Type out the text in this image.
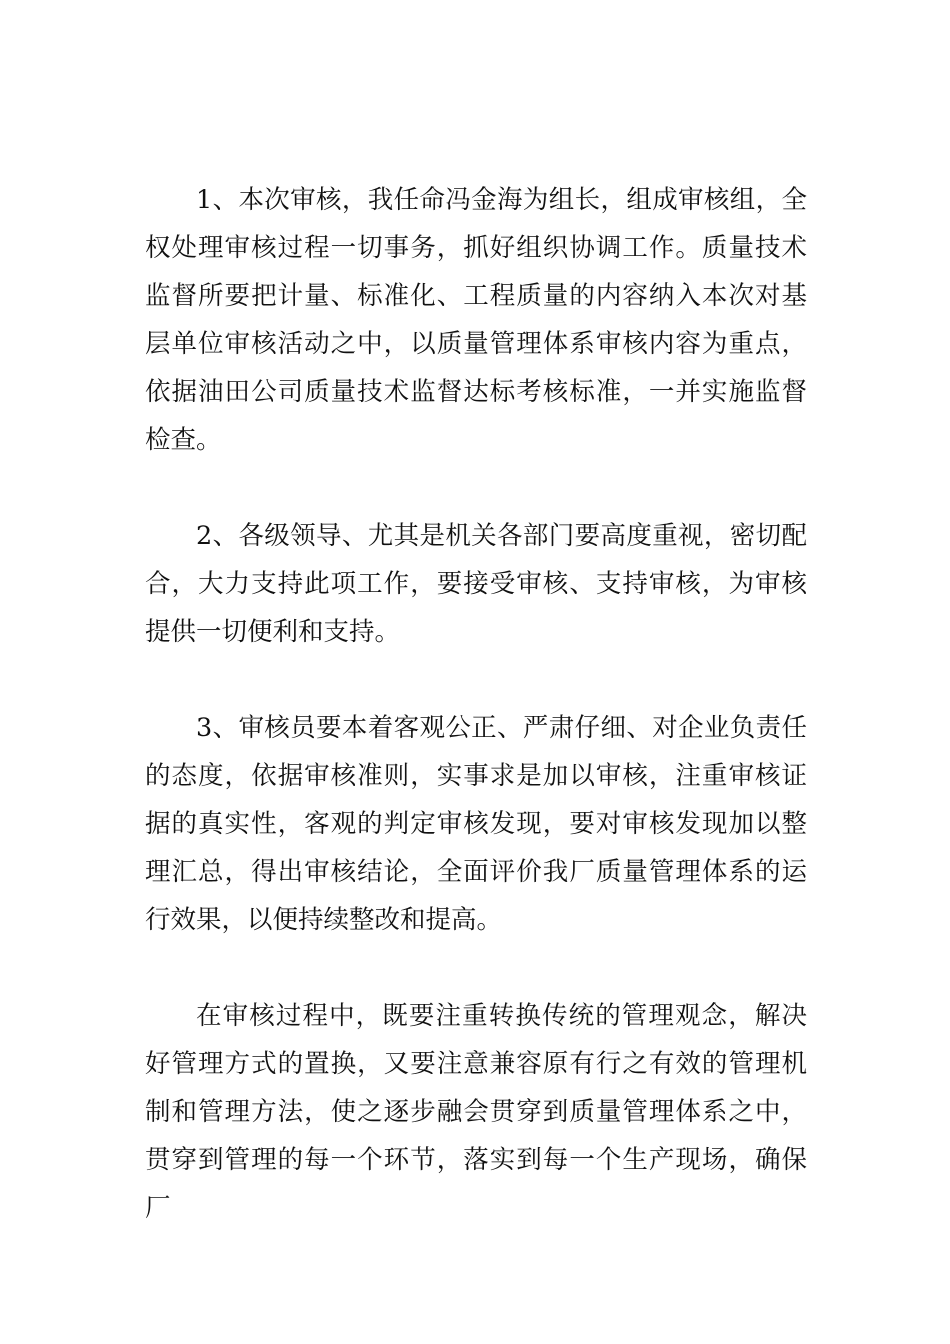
1、本次审核，我任命冯金海为组长，组成审核组，全权处理审核过程一切事务，抓好组织协调工作。质量技术监督所要把计量、标准化、工程质量的内容纳入本次对基层单位审核活动之中，以质量管理体系审核内容为重点，依据油田公司质量技术监督达标考核标准，一并实施监督检查。

2、各级领导、尤其是机关各部门要高度重视，密切配合，大力支持此项工作，要接受审核、支持审核，为审核提供一切便利和支持。

3、审核员要本着客观公正、严肃仔细、对企业负责任的态度，依据审核准则，实事求是加以审核，注重审核证据的真实性，客观的判定审核发现，要对审核发现加以整理汇总，得出审核结论，全面评价我厂质量管理体系的运行效果，以便持续整改和提高。

在审核过程中，既要注重转换传统的管理观念，解决好管理方式的置换，又要注意兼容原有行之有效的管理机制和管理方法，使之逐步融会贯穿到质量管理体系之中，贯穿到管理的每一个环节，落实到每一个生产现场，确保厂
